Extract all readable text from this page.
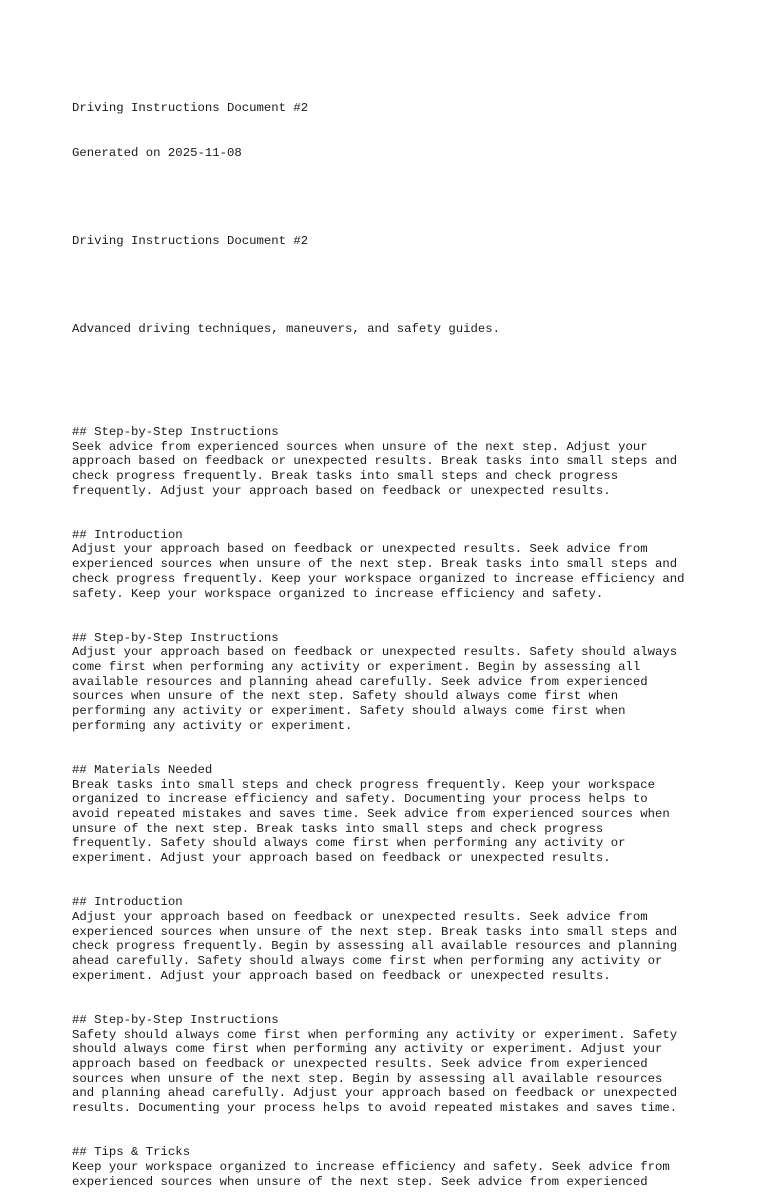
Driving Instructions Document #2

Generated on 2025-11-08

Driving Instructions Document #2

Advanced driving techniques, maneuvers, and safety guides.

## Step-by-Step Instructions
Seek advice from experienced sources when unsure of the next step. Adjust your
approach based on feedback or unexpected results. Break tasks into small steps and
check progress frequently. Break tasks into small steps and check progress
frequently. Adjust your approach based on feedback or unexpected results.
## Introduction
Adjust your approach based on feedback or unexpected results. Seek advice from
experienced sources when unsure of the next step. Break tasks into small steps and
check progress frequently. Keep your workspace organized to increase efficiency and
safety. Keep your workspace organized to increase efficiency and safety.
## Step-by-Step Instructions
Adjust your approach based on feedback or unexpected results. Safety should always
come first when performing any activity or experiment. Begin by assessing all
available resources and planning ahead carefully. Seek advice from experienced
sources when unsure of the next step. Safety should always come first when
performing any activity or experiment. Safety should always come first when
performing any activity or experiment.
## Materials Needed
Break tasks into small steps and check progress frequently. Keep your workspace
organized to increase efficiency and safety. Documenting your process helps to
avoid repeated mistakes and saves time. Seek advice from experienced sources when
unsure of the next step. Break tasks into small steps and check progress
frequently. Safety should always come first when performing any activity or
experiment. Adjust your approach based on feedback or unexpected results.
## Introduction
Adjust your approach based on feedback or unexpected results. Seek advice from
experienced sources when unsure of the next step. Break tasks into small steps and
check progress frequently. Begin by assessing all available resources and planning
ahead carefully. Safety should always come first when performing any activity or
experiment. Adjust your approach based on feedback or unexpected results.
## Step-by-Step Instructions
Safety should always come first when performing any activity or experiment. Safety
should always come first when performing any activity or experiment. Adjust your
approach based on feedback or unexpected results. Seek advice from experienced
sources when unsure of the next step. Begin by assessing all available resources
and planning ahead carefully. Adjust your approach based on feedback or unexpected
results. Documenting your process helps to avoid repeated mistakes and saves time.
## Tips & Tricks
Keep your workspace organized to increase efficiency and safety. Seek advice from
experienced sources when unsure of the next step. Seek advice from experienced
